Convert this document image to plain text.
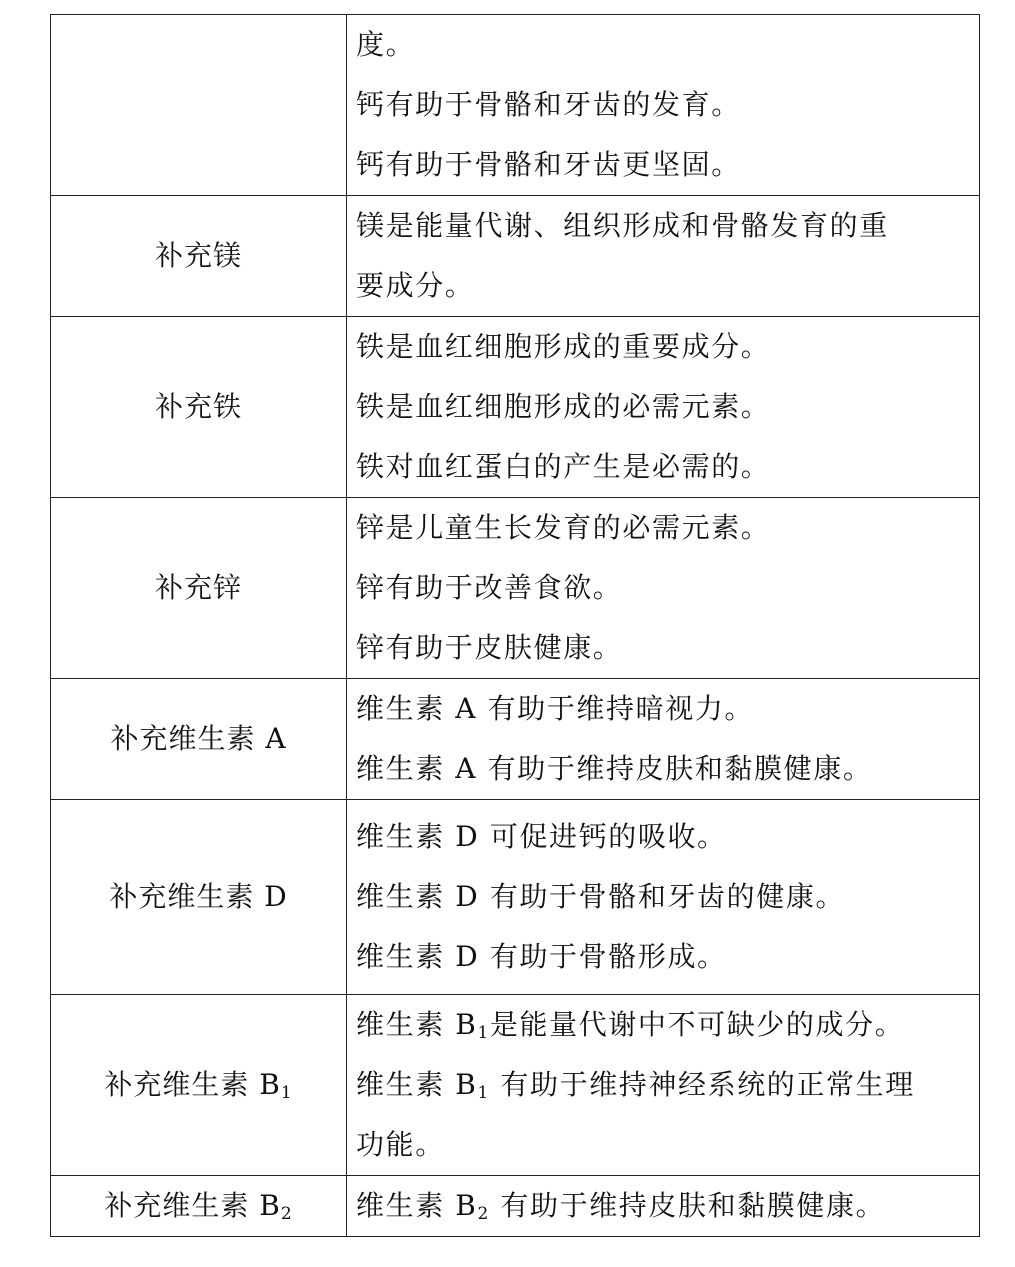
	度。
钙有助于骨骼和牙齿的发育。
钙有助于骨骼和牙齿更坚固。

补充镁	镁是能量代谢、组织形成和骨骼发育的重
要成分。

补充铁	铁是血红细胞形成的重要成分。
铁是血红细胞形成的必需元素。
铁对血红蛋白的产生是必需的。

补充锌	锌是儿童生长发育的必需元素。
锌有助于改善食欲。
锌有助于皮肤健康。

补充维生素 A	维生素 A 有助于维持暗视力。
维生素 A 有助于维持皮肤和黏膜健康。

补充维生素 D	维生素 D 可促进钙的吸收。
维生素 D 有助于骨骼和牙齿的健康。
维生素 D 有助于骨骼形成。

补充维生素 $B_1$	维生素 $B_1$是能量代谢中不可缺少的成分。
维生素 $B_1$ 有助于维持神经系统的正常生理
功能。

补充维生素 $B_2$	维生素 $B_2$ 有助于维持皮肤和黏膜健康。
